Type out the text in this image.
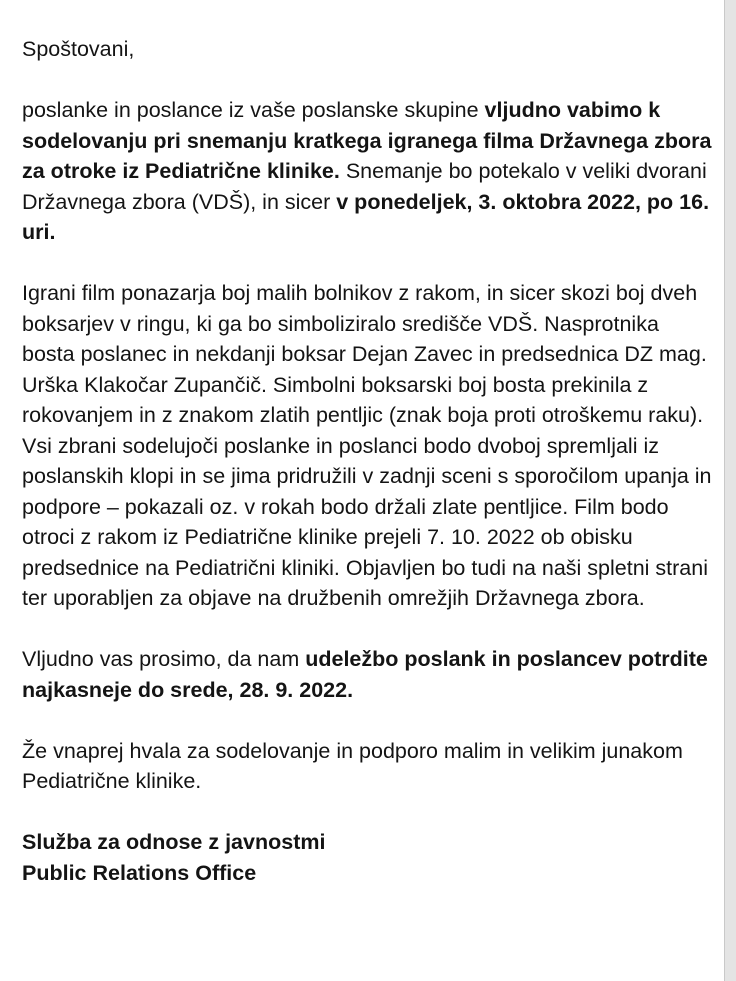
Spoštovani,

poslanke in poslance iz vaše poslanske skupine vljudno vabimo k sodelovanju pri snemanju kratkega igranega filma Državnega zbora za otroke iz Pediatrične klinike. Snemanje bo potekalo v veliki dvorani Državnega zbora (VDŠ), in sicer v ponedeljek, 3. oktobra 2022, po 16. uri.

Igrani film ponazarja boj malih bolnikov z rakom, in sicer skozi boj dveh boksarjev v ringu, ki ga bo simboliziralo središče VDŠ. Nasprotnika bosta poslanec in nekdanji boksar Dejan Zavec in predsednica DZ mag. Urška Klakočar Zupančič. Simbolni boksarski boj bosta prekinila z rokovanjem in z znakom zlatih pentljic (znak boja proti otroškemu raku). Vsi zbrani sodelujoči poslanke in poslanci bodo dvoboj spremljali iz poslanskih klopi in se jima pridružili v zadnji sceni s sporočilom upanja in podpore – pokazali oz. v rokah bodo držali zlate pentljice. Film bodo otroci z rakom iz Pediatrične klinike prejeli 7. 10. 2022 ob obisku predsednice na Pediatrični kliniki. Objavljen bo tudi na naši spletni strani ter uporabljen za objave na družbenih omrežjih Državnega zbora.

Vljudno vas prosimo, da nam udeležbo poslank in poslancev potrdite najkasneje do srede, 28. 9. 2022.

Že vnaprej hvala za sodelovanje in podporo malim in velikim junakom Pediatrične klinike.

Služba za odnose z javnostmi
Public Relations Office
